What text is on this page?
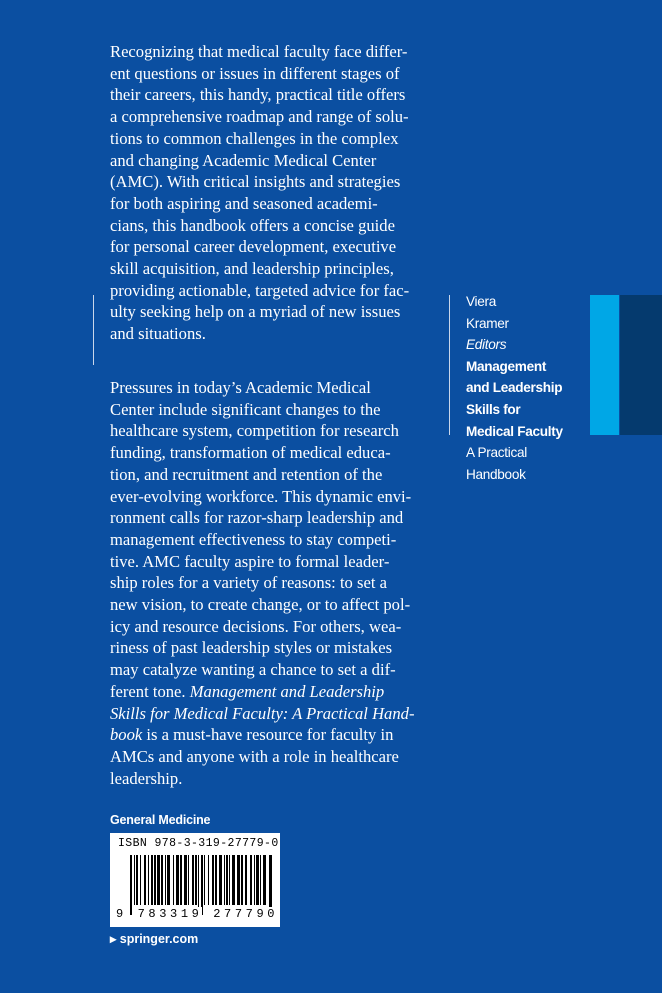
Recognizing that medical faculty face differ-
ent questions or issues in different stages of
their careers, this handy, practical title offers
a comprehensive roadmap and range of solu-
tions to common challenges in the complex
and changing Academic Medical Center
(AMC). With critical insights and strategies
for both aspiring and seasoned academi-
cians, this handbook offers a concise guide
for personal career development, executive
skill acquisition, and leadership principles,
providing actionable, targeted advice for fac-
ulty seeking help on a myriad of new issues
and situations.
Pressures in today’s Academic Medical
Center include significant changes to the
healthcare system, competition for research
funding, transformation of medical educa-
tion, and recruitment and retention of the
ever-evolving workforce. This dynamic envi-
ronment calls for razor-sharp leadership and
management effectiveness to stay competi-
tive. AMC faculty aspire to formal leader-
ship roles for a variety of reasons: to set a
new vision, to create change, or to affect pol-
icy and resource decisions. For others, wea-
riness of past leadership styles or mistakes
may catalyze wanting a chance to set a dif-
ferent tone. Management and Leadership
Skills for Medical Faculty: A Practical Hand-
book is a must-have resource for faculty in
AMCs and anyone with a role in healthcare
leadership.
Viera
Kramer
Editors
Management
and Leadership
Skills for
Medical Faculty
A Practical
Handbook
General Medicine
ISBN 978-3-319-27779-0
9 783319 277790
▸ springer.com
